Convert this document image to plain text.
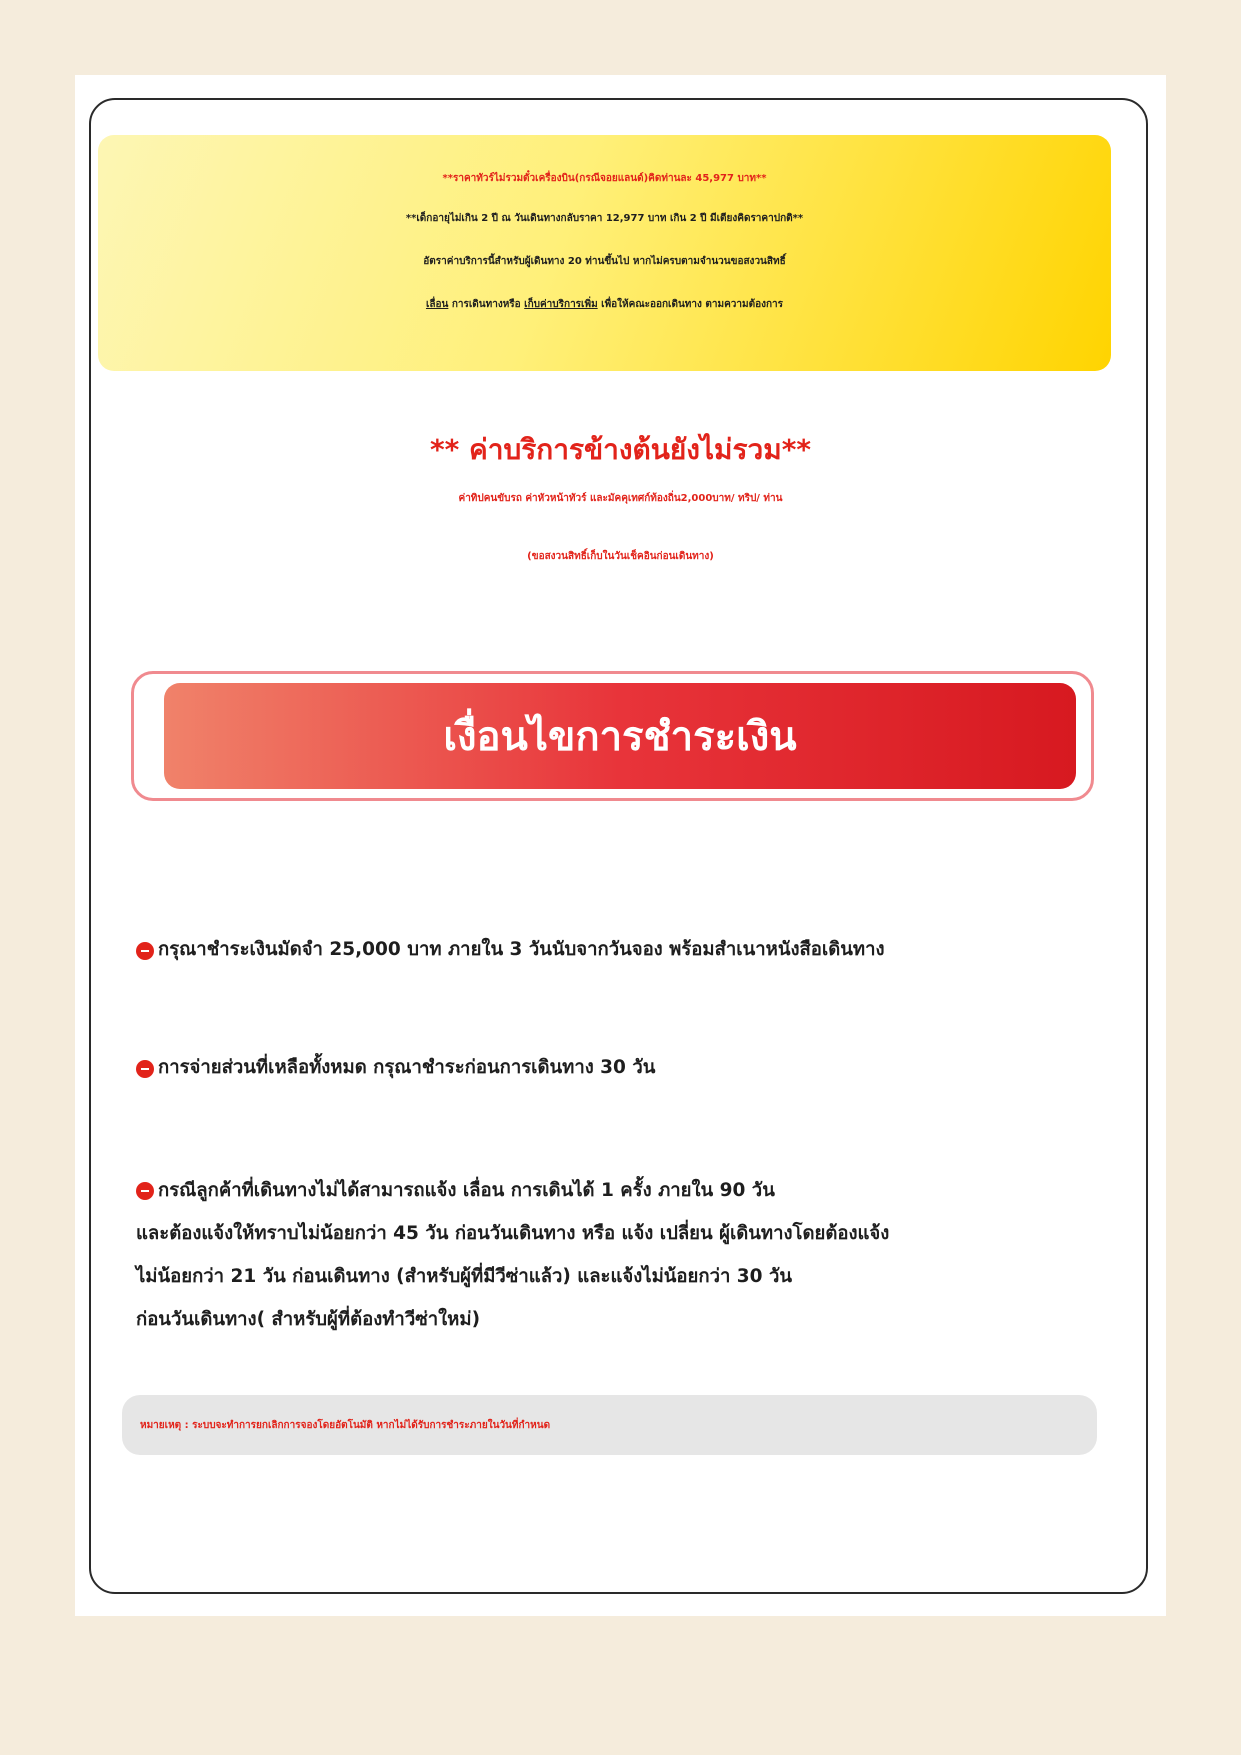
**ราคาทัวร์ไม่รวมตั๋วเครื่องบิน(กรณีจอยแลนด์)คิดท่านละ 45,977 บาท**
**เด็กอายุไม่เกิน 2 ปี ณ วันเดินทางกลับราคา 12,977 บาท เกิน 2 ปี มีเตียงคิดราคาปกติ**
อัตราค่าบริการนี้สำหรับผู้เดินทาง 20 ท่านขึ้นไป หากไม่ครบตามจำนวนขอสงวนสิทธิ์
เลื่อน การเดินทางหรือ เก็บค่าบริการเพิ่ม เพื่อให้คณะออกเดินทาง ตามความต้องการ
** ค่าบริการข้างต้นยังไม่รวม**
ค่าทิปคนขับรถ ค่าหัวหน้าทัวร์ และมัคคุเทศก์ท้องถิ่น2,000บาท/ ทริป/ ท่าน
(ขอสงวนสิทธิ์เก็บในวันเช็คอินก่อนเดินทาง)
เงื่อนไขการชำระเงิน
กรุณาชำระเงินมัดจำ 25,000 บาท ภายใน 3 วันนับจากวันจอง พร้อมสำเนาหนังสือเดินทาง
การจ่ายส่วนที่เหลือทั้งหมด กรุณาชำระก่อนการเดินทาง 30 วัน
กรณีลูกค้าที่เดินทางไม่ได้สามารถแจ้ง เลื่อน การเดินได้ 1 ครั้ง ภายใน 90 วัน
และต้องแจ้งให้ทราบไม่น้อยกว่า 45 วัน ก่อนวันเดินทาง หรือ แจ้ง เปลี่ยน ผู้เดินทางโดยต้องแจ้ง
ไม่น้อยกว่า 21 วัน ก่อนเดินทาง (สำหรับผู้ที่มีวีซ่าแล้ว) และแจ้งไม่น้อยกว่า 30 วัน
ก่อนวันเดินทาง( สำหรับผู้ที่ต้องทำวีซ่าใหม่)
หมายเหตุ : ระบบจะทำการยกเลิกการจองโดยอัตโนมัติ หากไม่ได้รับการชำระภายในวันที่กำหนด
